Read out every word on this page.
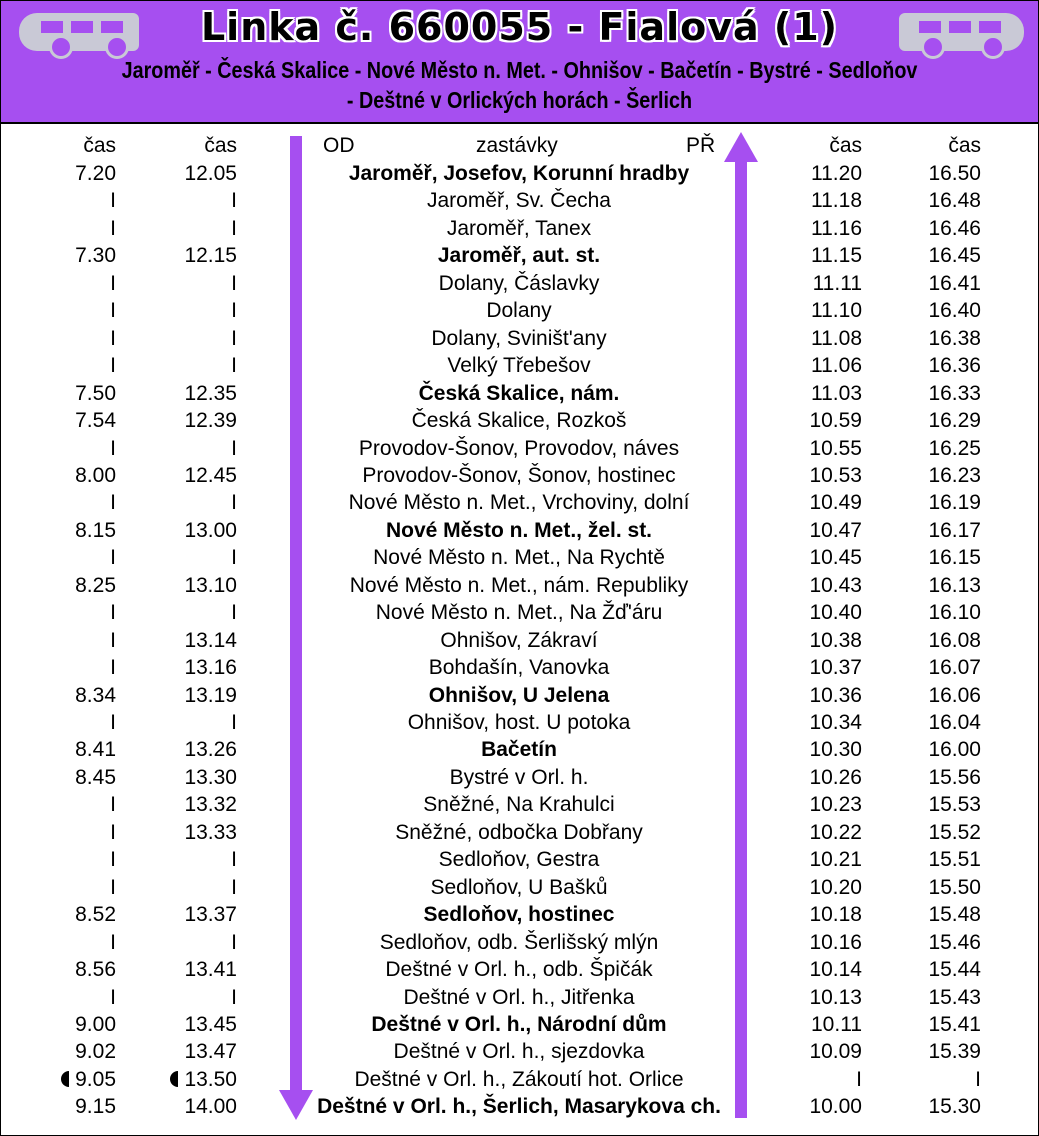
Linka č. 660055 - Fialová (1)
Jaroměř - Česká Skalice - Nové Město n. Met. - Ohnišov - Bačetín - Bystré - Sedloňov
- Deštné v Orlických horách - Šerlich
čas	čas	OD	zastávky	PŘ	čas	čas
7.20	12.05	Jaroměř, Josefov, Korunní hradby	11.20	16.50
I	I	Jaroměř, Sv. Čecha	11.18	16.48
I	I	Jaroměř, Tanex	11.16	16.46
7.30	12.15	Jaroměř, aut. st.	11.15	16.45
I	I	Dolany, Čáslavky	11.11	16.41
I	I	Dolany	11.10	16.40
I	I	Dolany, Sviništ'any	11.08	16.38
I	I	Velký Třebešov	11.06	16.36
7.50	12.35	Česká Skalice, nám.	11.03	16.33
7.54	12.39	Česká Skalice, Rozkoš	10.59	16.29
I	I	Provodov-Šonov, Provodov, náves	10.55	16.25
8.00	12.45	Provodov-Šonov, Šonov, hostinec	10.53	16.23
I	I	Nové Město n. Met., Vrchoviny, dolní	10.49	16.19
8.15	13.00	Nové Město n. Met., žel. st.	10.47	16.17
I	I	Nové Město n. Met., Na Rychtě	10.45	16.15
8.25	13.10	Nové Město n. Met., nám. Republiky	10.43	16.13
I	I	Nové Město n. Met., Na Žď'áru	10.40	16.10
I	13.14	Ohnišov, Zákraví	10.38	16.08
I	13.16	Bohdašín, Vanovka	10.37	16.07
8.34	13.19	Ohnišov, U Jelena	10.36	16.06
I	I	Ohnišov, host. U potoka	10.34	16.04
8.41	13.26	Bačetín	10.30	16.00
8.45	13.30	Bystré v Orl. h.	10.26	15.56
I	13.32	Sněžné, Na Krahulci	10.23	15.53
I	13.33	Sněžné, odbočka Dobřany	10.22	15.52
I	I	Sedloňov, Gestra	10.21	15.51
I	I	Sedloňov, U Bašků	10.20	15.50
8.52	13.37	Sedloňov, hostinec	10.18	15.48
I	I	Sedloňov, odb. Šerlišský mlýn	10.16	15.46
8.56	13.41	Deštné v Orl. h., odb. Špičák	10.14	15.44
I	I	Deštné v Orl. h., Jitřenka	10.13	15.43
9.00	13.45	Deštné v Orl. h., Národní dům	10.11	15.41
9.02	13.47	Deštné v Orl. h., sjezdovka	10.09	15.39
9.05	13.50	Deštné v Orl. h., Zákoutí hot. Orlice	I	I
9.15	14.00	Deštné v Orl. h., Šerlich, Masarykova ch.	10.00	15.30
